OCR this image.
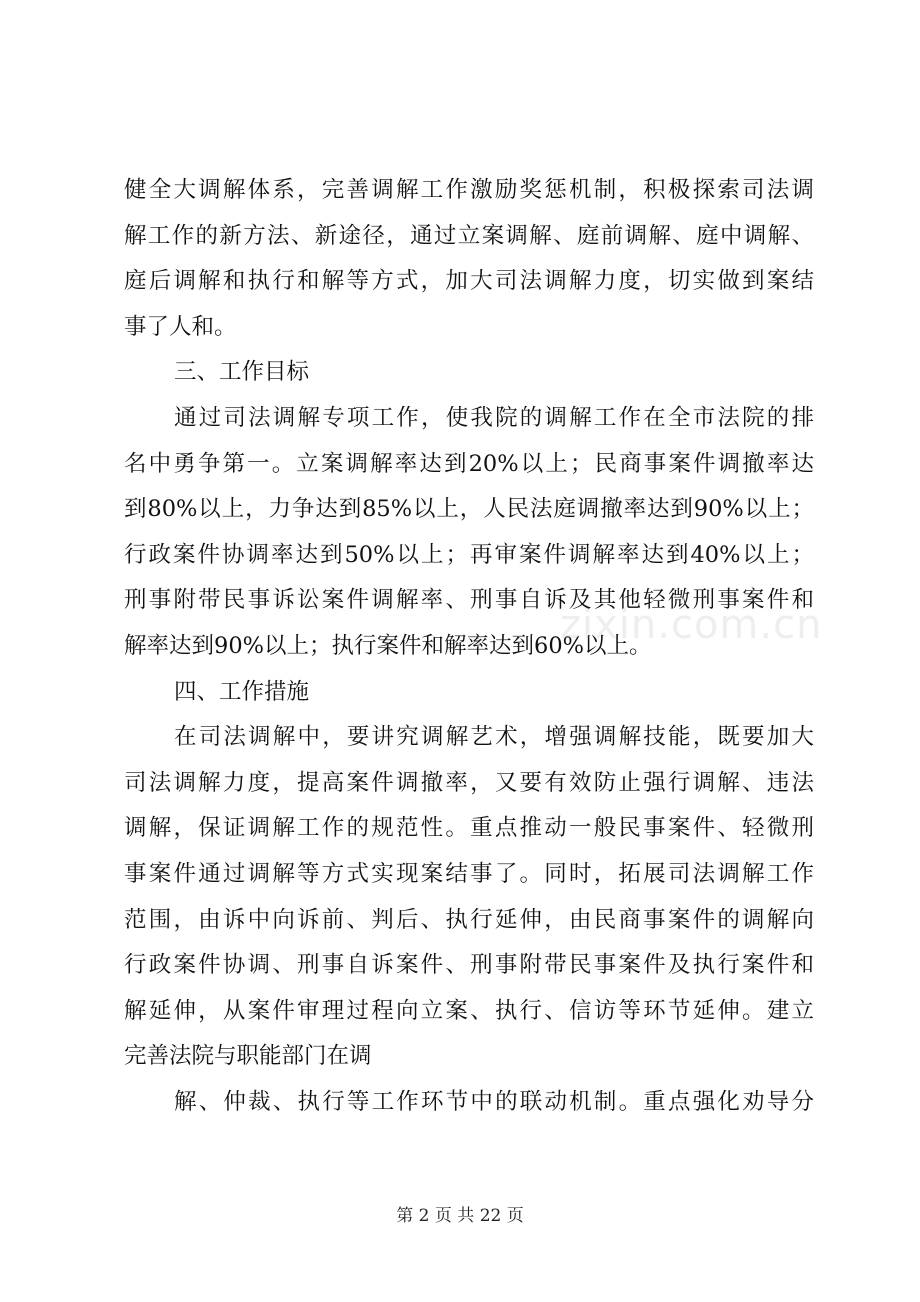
健全大调解体系，完善调解工作激励奖惩机制，积极探索司法调
解工作的新方法、新途径，通过立案调解、庭前调解、庭中调解、
庭后调解和执行和解等方式，加大司法调解力度，切实做到案结
事了人和。
三、工作目标
通过司法调解专项工作，使我院的调解工作在全市法院的排
名中勇争第一。立案调解率达到20%以上；民商事案件调撤率达
到80%以上，力争达到85%以上，人民法庭调撤率达到90%以上；
行政案件协调率达到50%以上；再审案件调解率达到40%以上；
刑事附带民事诉讼案件调解率、刑事自诉及其他轻微刑事案件和
解率达到90%以上；执行案件和解率达到60%以上。
四、工作措施
在司法调解中，要讲究调解艺术，增强调解技能，既要加大
司法调解力度，提高案件调撤率，又要有效防止强行调解、违法
调解，保证调解工作的规范性。重点推动一般民事案件、轻微刑
事案件通过调解等方式实现案结事了。同时，拓展司法调解工作
范围，由诉中向诉前、判后、执行延伸，由民商事案件的调解向
行政案件协调、刑事自诉案件、刑事附带民事案件及执行案件和
解延伸，从案件审理过程向立案、执行、信访等环节延伸。建立
完善法院与职能部门在调
解、仲裁、执行等工作环节中的联动机制。重点强化劝导分
zixin.com.cn
第 2 页 共 22 页
